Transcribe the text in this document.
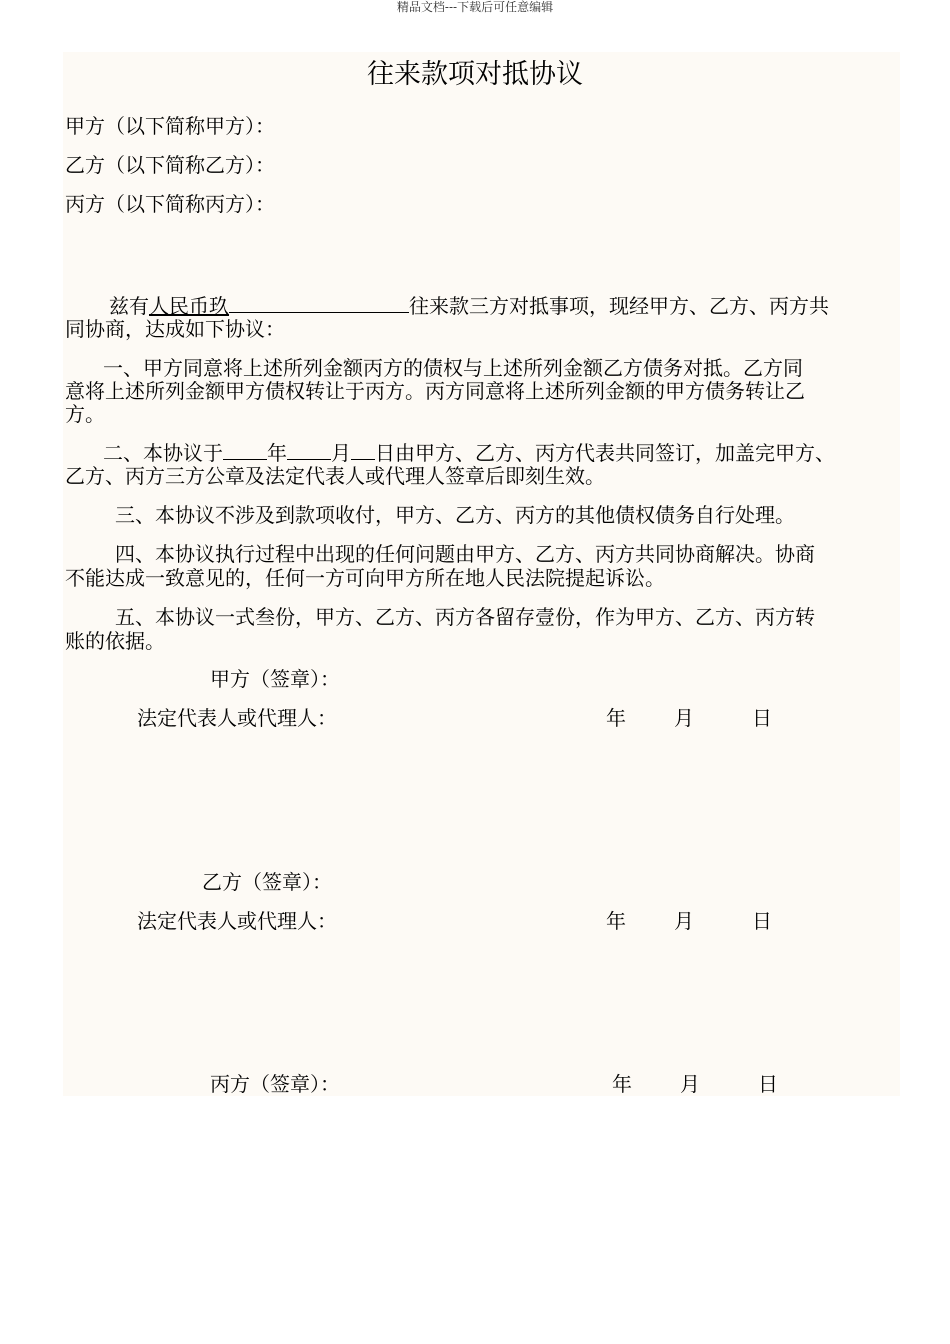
精品文档---下载后可任意编辑
往来款项对抵协议
甲方（以下简称甲方）：
乙方（以下简称乙方）：
丙方（以下简称丙方）：
兹有人民币玖	往来款三方对抵事项，现经甲方、乙方、丙方共
同协商，达成如下协议：
一、甲方同意将上述所列金额丙方的债权与上述所列金额乙方债务对抵。乙方同
意将上述所列金额甲方债权转让于丙方。丙方同意将上述所列金额的甲方债务转让乙
方。
二、本协议于 年 月 日由甲方、乙方、丙方代表共同签订，加盖完甲方、
乙方、丙方三方公章及法定代表人或代理人签章后即刻生效。
三、本协议不涉及到款项收付，甲方、乙方、丙方的其他债权债务自行处理。
四、本协议执行过程中出现的任何问题由甲方、乙方、丙方共同协商解决。协商
不能达成一致意见的，任何一方可向甲方所在地人民法院提起诉讼。
五、本协议一式叁份，甲方、乙方、丙方各留存壹份，作为甲方、乙方、丙方转
账的依据。
甲方（签章）：
法定代表人或代理人：	年 月	日
乙方（签章）：
法定代表人或代理人：	年 月	日
丙方（签章）：	年 月	日
